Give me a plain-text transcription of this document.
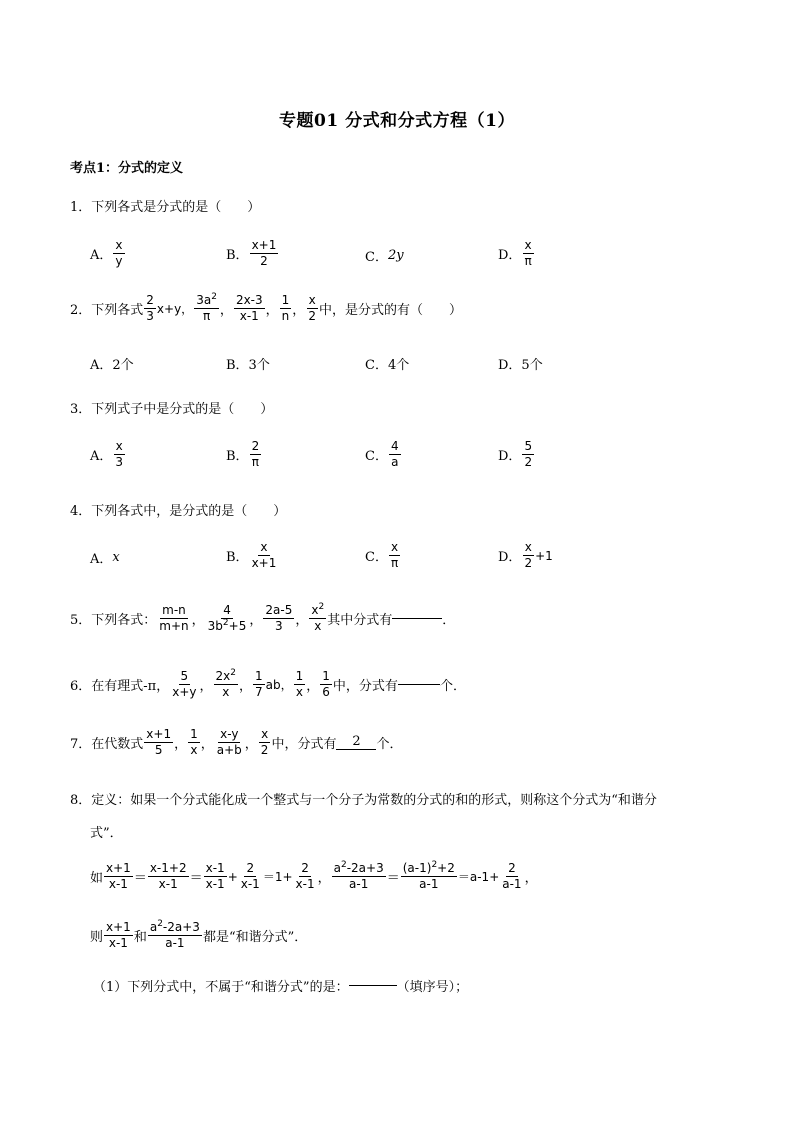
专题01 分式和分式方程（1）
考点1：分式的定义
1．下列各式是分式的是（　　）
A． $\frac{x}{y}$	B． $\frac{x+1}{2}$	C． 2y	D． $\frac{x}{\pi}$
2．下列各式 $\frac{2}{3} x+y$， $\frac{3a^2}{\pi}$ ， $\frac{2x-3}{x-1}$ ， $\frac{1}{n}$ ， $\frac{x}{2}$ 中，是分式的有（　　）
A．2个	B．3个	C．4个	D．5个
3．下列式子中是分式的是（　　）
A． $\frac{x}{3}$	B． $\frac{2}{\pi}$	C． $\frac{4}{a}$	D． $\frac{5}{2}$
4．下列各式中，是分式的是（　　）
A． x	B． $\frac{x}{x+1}$	C． $\frac{x}{\pi}$	D． $\frac{x}{2} +1$
5．下列各式： $\frac{m-n}{m+n}$ ， $\frac{4}{3b^2+5}$ ， $\frac{2a-5}{3}$ ， $\frac{x^2}{x}$ 其中分式有	．
6．在有理式-π， $\frac{5}{x+y}$ ， $\frac{2x^2}{x}$ ， $\frac{1}{7}$ ab， $\frac{1}{x}$ ， $\frac{1}{6}$ 中，分式有	个．
7．在代数式 $\frac{x+1}{5}$ ， $\frac{1}{x}$ ， $\frac{x-y}{a+b}$ ， $\frac{x}{2}$ 中，分式有	2	个．
8．定义：如果一个分式能化成一个整式与一个分子为常数的分式的和的形式，则称这个分式为“和谐分
式”．
如 $\frac{x+1}{x-1} = \frac{x-1+2}{x-1} = \frac{x-1}{x-1} + \frac{2}{x-1} =1+ \frac{2}{x-1}$ ， $\frac{a^2-2a+3}{a-1} = \frac{(a-1)^2+2}{a-1} =a-1+ \frac{2}{a-1}$ ，
则 $\frac{x+1}{x-1}$ 和 $\frac{a^2-2a+3}{a-1}$ 都是“和谐分式”．
（1）下列分式中，不属于“和谐分式”的是：	（填序号）；
